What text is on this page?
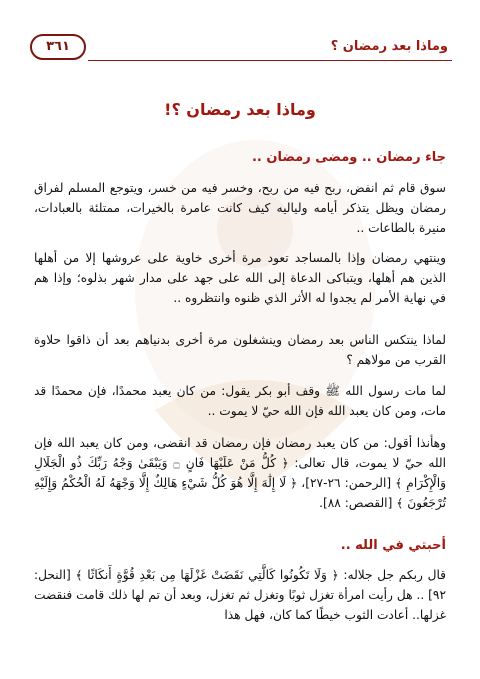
٣٦١	وماذا بعد رمضان ؟
وماذا بعد رمضان ؟!
جاء رمضان .. ومضى رمضان ..
سوق قام ثم انفض، ربح فيه من ربح، وخسر فيه من خسر، ويتوجع المسلم لفراق رمضان ويظل يتذكر أيامه ولياليه كيف كانت عامرة بالخيرات، ممتلئة بالعبادات، منيرة بالطاعات ..
وينتهي رمضان وإذا بالمساجد تعود مرة أخرى خاوية على عروشها إلا من أهلها الذين هم أهلها، ويتباكى الدعاة إلى الله على جهد على مدار شهر بذلوه؛ وإذا هم في نهاية الأمر لم يجدوا له الأثر الذي ظنوه وانتظروه ..
لماذا ينتكس الناس بعد رمضان وينشغلون مرة أخرى بدنياهم بعد أن ذاقوا حلاوة القرب من مولاهم ؟
لما مات رسول الله ﷺ وقف أبو بكر يقول: من كان يعبد محمدًا، فإن محمدًا قد مات، ومن كان يعبد الله فإن الله حيّ لا يموت ..
وهأنذا أقول: من كان يعبد رمضان فإن رمضان قد انقضى، ومن كان يعبد الله فإن الله حيّ لا يموت، قال تعالى: ﴿ كُلُّ مَنْ عَلَيْهَا فَانٍ ۝ وَيَبْقَىٰ وَجْهُ رَبِّكَ ذُو الْجَلَالِ وَالْإِكْرَامِ ﴾ [الرحمن: ٢٦-٢٧]، ﴿ لَا إِلَٰهَ إِلَّا هُوَ كُلُّ شَيْءٍ هَالِكٌ إِلَّا وَجْهَهُ لَهُ الْحُكْمُ وَإِلَيْهِ تُرْجَعُونَ ﴾ [القصص: ٨٨].
أحبتي في الله ..
قال ربكم جل جلاله: ﴿ وَلَا تَكُونُوا كَالَّتِي نَقَضَتْ غَزْلَهَا مِن بَعْدِ قُوَّةٍ أَنكَاثًا ﴾ [النحل: ٩٢] .. هل رأيت امرأة تغزل ثوبًا وتغزل ثم تغزل، وبعد أن تم لها ذلك قامت فنقضت غزلها.. أعادت الثوب خيطًا كما كان، فهل هذا
